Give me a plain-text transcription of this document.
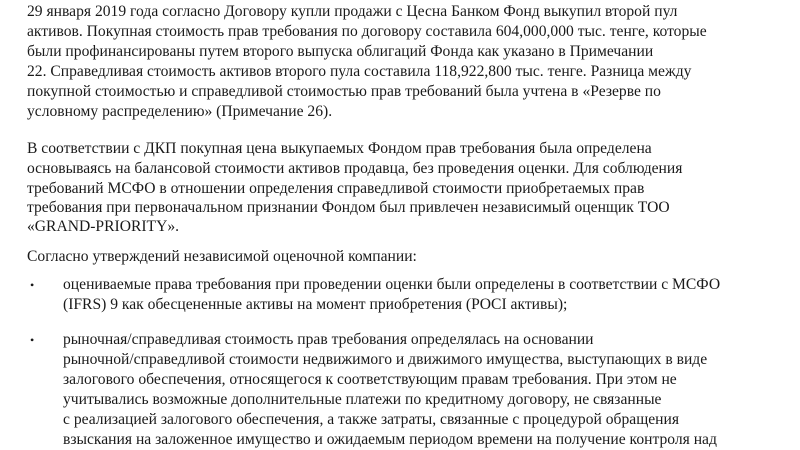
29 января 2019 года согласно Договору купли продажи с Цесна Банком Фонд выкупил второй пул
активов. Покупная стоимость прав требования по договору составила 604,000,000 тыс. тенге, которые
были профинансированы путем второго выпуска облигаций Фонда как указано в Примечании
22. Справедливая стоимость активов второго пула составила 118,922,800 тыс. тенге. Разница между
покупной стоимостью и справедливой стоимостью прав требований была учтена в «Резерве по
условному распределению» (Примечание 26).
В соответствии с ДКП покупная цена выкупаемых Фондом прав требования была определена
основываясь на балансовой стоимости активов продавца, без проведения оценки. Для соблюдения
требований МСФО в отношении определения справедливой стоимости приобретаемых прав
требования при первоначальном признании Фондом был привлечен независимый оценщик ТОО
«GRAND-PRIORITY».
Согласно утверждений независимой оценочной компании:
• оцениваемые права требования при проведении оценки были определены в соответствии с МСФО
(IFRS) 9 как обесцененные активы на момент приобретения (POCI активы);
• рыночная/справедливая стоимость прав требования определялась на основании
рыночной/справедливой стоимости недвижимого и движимого имущества, выступающих в виде
залогового обеспечения, относящегося к соответствующим правам требования. При этом не
учитывались возможные дополнительные платежи по кредитному договору, не связанные
с реализацией залогового обеспечения, а также затраты, связанные с процедурой обращения
взыскания на заложенное имущество и ожидаемым периодом времени на получение контроля над
